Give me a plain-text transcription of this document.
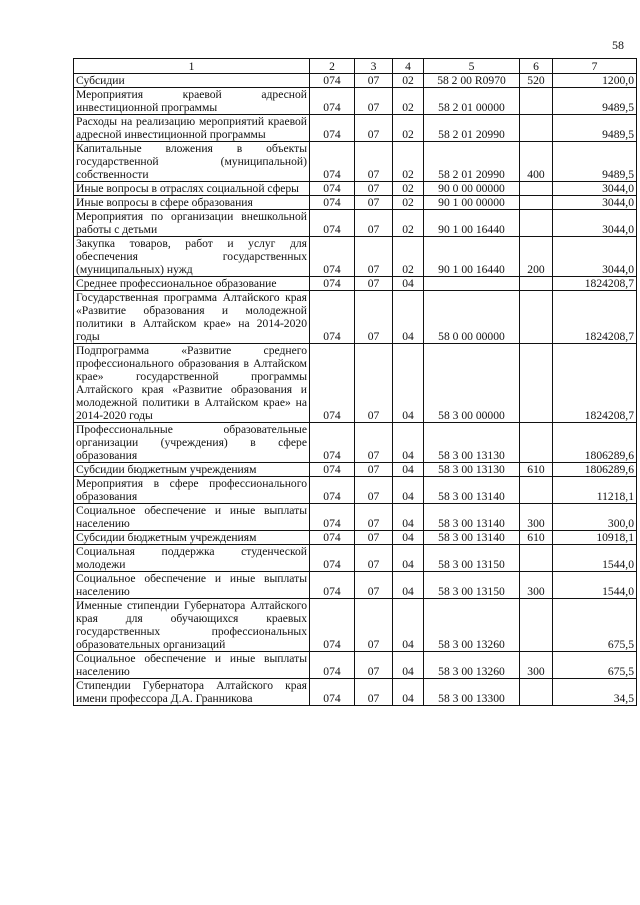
58
1	2	3	4	5	6	7
Субсидии	074	07	02	58 2 00 R0970	520	1200,0
Мероприятия краевой адресной инвестиционной программы	074	07	02	58 2 01 00000		9489,5
Расходы на реализацию мероприятий краевой адресной инвестиционной программы	074	07	02	58 2 01 20990		9489,5
Капитальные вложения в объекты государственной (муниципальной) собственности	074	07	02	58 2 01 20990	400	9489,5
Иные вопросы в отраслях социальной сферы	074	07	02	90 0 00 00000		3044,0
Иные вопросы в сфере образования	074	07	02	90 1 00 00000		3044,0
Мероприятия по организации внешкольной работы с детьми	074	07	02	90 1 00 16440		3044,0
Закупка товаров, работ и услуг для обеспечения государственных (муниципальных) нужд	074	07	02	90 1 00 16440	200	3044,0
Среднее профессиональное образование	074	07	04			1824208,7
Государственная программа Алтайского края «Развитие образования и молодежной политики в Алтайском крае» на 2014-2020 годы	074	07	04	58 0 00 00000		1824208,7
Подпрограмма «Развитие среднего профессионального образования в Алтайском крае» государственной программы Алтайского края «Развитие образования и молодежной политики в Алтайском крае» на 2014-2020 годы	074	07	04	58 3 00 00000		1824208,7
Профессиональные образовательные организации (учреждения) в сфере образования	074	07	04	58 3 00 13130		1806289,6
Субсидии бюджетным учреждениям	074	07	04	58 3 00 13130	610	1806289,6
Мероприятия в сфере профессионального образования	074	07	04	58 3 00 13140		11218,1
Социальное обеспечение и иные выплаты населению	074	07	04	58 3 00 13140	300	300,0
Субсидии бюджетным учреждениям	074	07	04	58 3 00 13140	610	10918,1
Социальная поддержка студенческой молодежи	074	07	04	58 3 00 13150		1544,0
Социальное обеспечение и иные выплаты населению	074	07	04	58 3 00 13150	300	1544,0
Именные стипендии Губернатора Алтайского края для обучающихся краевых государственных профессиональных образовательных организаций	074	07	04	58 3 00 13260		675,5
Социальное обеспечение и иные выплаты населению	074	07	04	58 3 00 13260	300	675,5
Стипендии Губернатора Алтайского края имени профессора Д.А. Гранникова	074	07	04	58 3 00 13300		34,5
